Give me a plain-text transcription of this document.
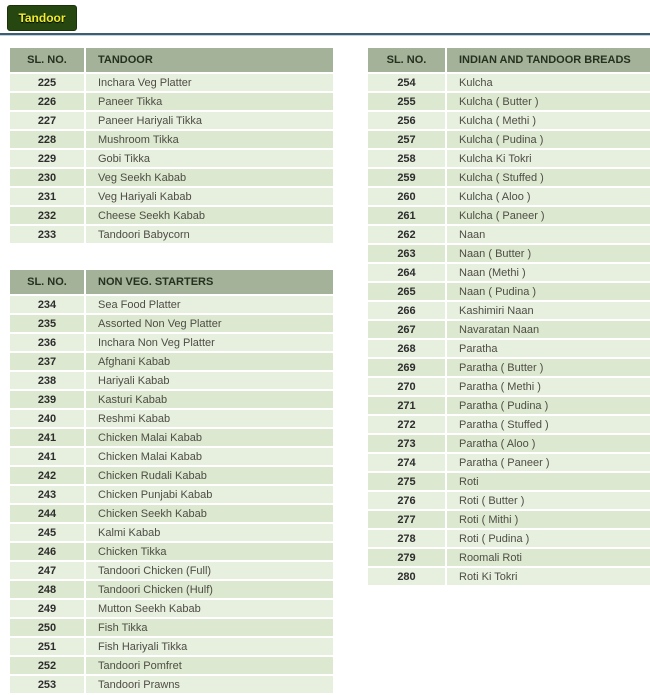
Tandoor
SL. NO.	TANDOOR
225	Inchara Veg Platter
226	Paneer Tikka
227	Paneer Hariyali Tikka
228	Mushroom Tikka
229	Gobi Tikka
230	Veg Seekh Kabab
231	Veg Hariyali Kabab
232	Cheese Seekh Kabab
233	Tandoori Babycorn
SL. NO.	NON VEG. STARTERS
234	Sea Food Platter
235	Assorted Non Veg Platter
236	Inchara Non Veg Platter
237	Afghani Kabab
238	Hariyali Kabab
239	Kasturi Kabab
240	Reshmi Kabab
241	Chicken Malai Kabab
241	Chicken Malai Kabab
242	Chicken Rudali Kabab
243	Chicken Punjabi Kabab
244	Chicken Seekh Kabab
245	Kalmi Kabab
246	Chicken Tikka
247	Tandoori Chicken (Full)
248	Tandoori Chicken (Hulf)
249	Mutton Seekh Kabab
250	Fish Tikka
251	Fish Hariyali Tikka
252	Tandoori Pomfret
253	Tandoori Prawns
SL. NO.	INDIAN AND TANDOOR BREADS
254	Kulcha
255	Kulcha ( Butter )
256	Kulcha ( Methi )
257	Kulcha ( Pudina )
258	Kulcha Ki Tokri
259	Kulcha ( Stuffed )
260	Kulcha ( Aloo )
261	Kulcha ( Paneer )
262	Naan
263	Naan ( Butter )
264	Naan (Methi )
265	Naan ( Pudina )
266	Kashimiri Naan
267	Navaratan Naan
268	Paratha
269	Paratha ( Butter )
270	Paratha ( Methi )
271	Paratha ( Pudina )
272	Paratha ( Stuffed )
273	Paratha ( Aloo )
274	Paratha ( Paneer )
275	Roti
276	Roti ( Butter )
277	Roti ( Mithi )
278	Roti ( Pudina )
279	Roomali Roti
280	Roti Ki Tokri
